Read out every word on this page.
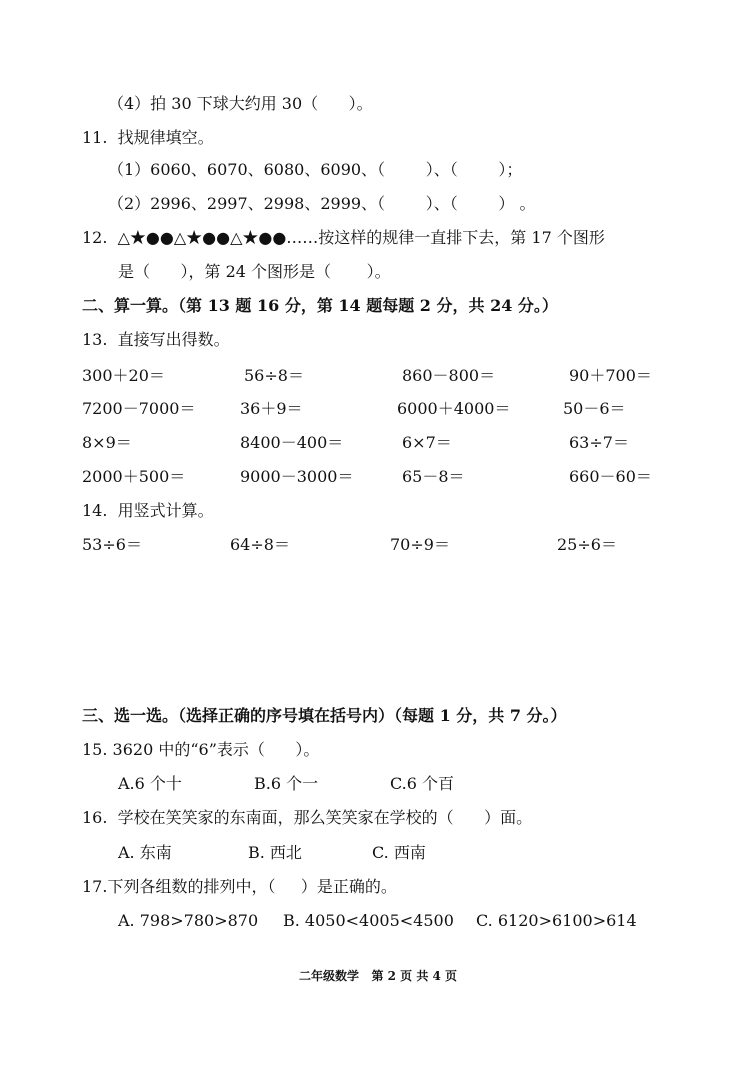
（4）拍 30 下球大约用 30（      ）。
11.  找规律填空。
（1）6060、6070、6080、6090、（        ）、（        ）；
（2）2996、2997、2998、2999、（        ）、（        ） 。
12.  △★●●△★●●△★●●……按这样的规律一直排下去，第 17 个图形
是（      ），第 24 个图形是（       ）。
二、算一算。（第 13 题 16 分，第 14 题每题 2 分，共 24 分。）
13.  直接写出得数。
300＋20＝	56÷8＝	860－800＝	90＋700＝
7200－7000＝	36＋9＝	6000＋4000＝	50－6＝
8×9＝	8400－400＝	6×7＝	63÷7＝
2000＋500＝	9000－3000＝	65－8＝	660－60＝
14.  用竖式计算。
53÷6＝	64÷8＝	70÷9＝	25÷6＝
三、选一选。（选择正确的序号填在括号内）（每题 1 分，共 7 分。）
15. 3620 中的“6”表示（      ）。
A.6 个十	B.6 个一	C.6 个百
16.  学校在笑笑家的东南面，那么笑笑家在学校的（      ）面。
A. 东南	B. 西北	C. 西南
17.下列各组数的排列中，（     ）是正确的。
A. 798>780>870 B. 4050<4005<4500 C. 6120>6100>614
二年级数学   第 2 页 共 4 页
